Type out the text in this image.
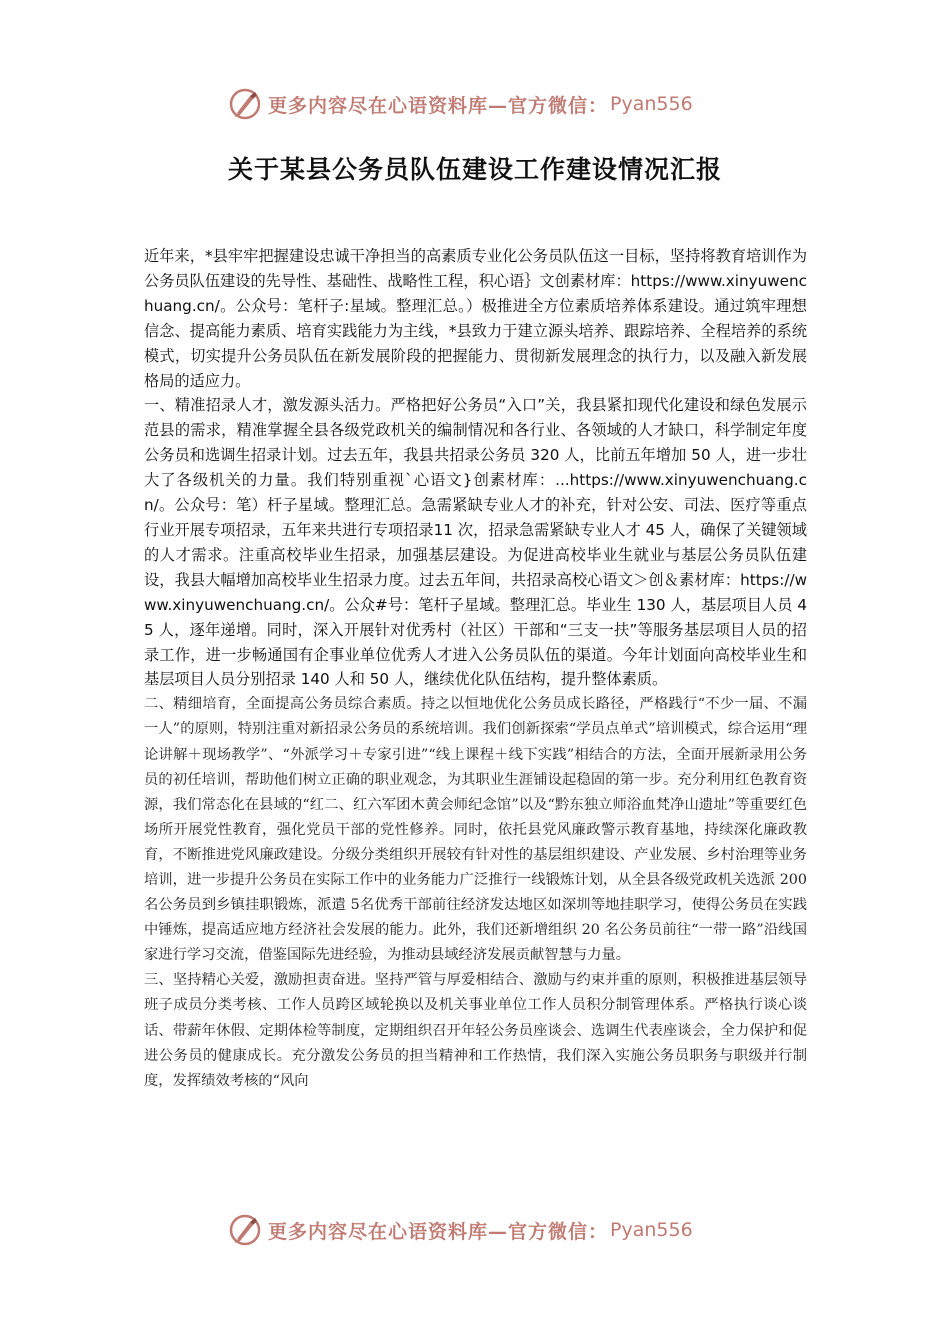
更多内容尽在心语资料库—官方微信： Pyan556
关于某县公务员队伍建设工作建设情况汇报

近年来，*县牢牢把握建设忠诚干净担当的高素质专业化公务员队伍这一目标，坚持将教育培训作为公务员队伍建设的先导性、基础性、战略性工程，积心语｝文创素材库：https://www.xinyuwenchuang.cn/。公众号：笔杆子:星域。整理汇总。）极推进全方位素质培养体系建设。通过筑牢理想信念、提高能力素质、培育实践能力为主线，*县致力于建立源头培养、跟踪培养、全程培养的系统模式，切实提升公务员队伍在新发展阶段的把握能力、贯彻新发展理念的执行力，以及融入新发展格局的适应力。

一、精准招录人才，激发源头活力。严格把好公务员“入口”关，我县紧扣现代化建设和绿色发展示范县的需求，精准掌握全县各级党政机关的编制情况和各行业、各领域的人才缺口，科学制定年度公务员和选调生招录计划。过去五年，我县共招录公务员 320 人，比前五年增加 50 人，进一步壮大了各级机关的力量。我们特别重视`心语文}创素材库：...https://www.xinyuwenchuang.cn/。公众号：笔）杆子星域。整理汇总。急需紧缺专业人才的补充，针对公安、司法、医疗等重点行业开展专项招录，五年来共进行专项招录11 次，招录急需紧缺专业人才 45 人，确保了关键领域的人才需求。注重高校毕业生招录，加强基层建设。为促进高校毕业生就业与基层公务员队伍建设，我县大幅增加高校毕业生招录力度。过去五年间，共招录高校心语文＞创＆素材库：https://www.xinyuwenchuang.cn/。公众#号：笔杆子星域。整理汇总。毕业生 130 人，基层项目人员 45 人，逐年递增。同时，深入开展针对优秀村（社区）干部和“三支一扶”等服务基层项目人员的招录工作，进一步畅通国有企事业单位优秀人才进入公务员队伍的渠道。今年计划面向高校毕业生和基层项目人员分别招录 140 人和 50 人，继续优化队伍结构，提升整体素质。

二、精细培育，全面提高公务员综合素质。持之以恒地优化公务员成长路径，严格践行“不少一届、不漏一人”的原则，特别注重对新招录公务员的系统培训。我们创新探索“学员点单式”培训模式，综合运用“理论讲解＋现场教学”、“外派学习＋专家引进”“线上课程＋线下实践”相结合的方法，全面开展新录用公务员的初任培训，帮助他们树立正确的职业观念，为其职业生涯铺设起稳固的第一步。充分利用红色教育资源，我们常态化在县域的“红二、红六军团木黄会师纪念馆”以及“黔东独立师浴血梵净山遗址”等重要红色场所开展党性教育，强化党员干部的党性修养。同时，依托县党风廉政警示教育基地，持续深化廉政教育，不断推进党风廉政建设。分级分类组织开展较有针对性的基层组织建设、产业发展、乡村治理等业务培训，进一步提升公务员在实际工作中的业务能力广泛推行一线锻炼计划，从全县各级党政机关选派 200 名公务员到乡镇挂职锻炼，派遣 5名优秀干部前往经济发达地区如深圳等地挂职学习，使得公务员在实践中锤炼，提高适应地方经济社会发展的能力。此外，我们还新增组织 20 名公务员前往“一带一路”沿线国家进行学习交流，借鉴国际先进经验，为推动县域经济发展贡献智慧与力量。

三、坚持精心关爱，激励担责奋进。坚持严管与厚爱相结合、激励与约束并重的原则，积极推进基层领导班子成员分类考核、工作人员跨区域轮换以及机关事业单位工作人员积分制管理体系。严格执行谈心谈话、带薪年休假、定期体检等制度，定期组织召开年轻公务员座谈会、选调生代表座谈会，全力保护和促进公务员的健康成长。充分激发公务员的担当精神和工作热情，我们深入实施公务员职务与职级并行制度，发挥绩效考核的“风向

更多内容尽在心语资料库—官方微信： Pyan556
